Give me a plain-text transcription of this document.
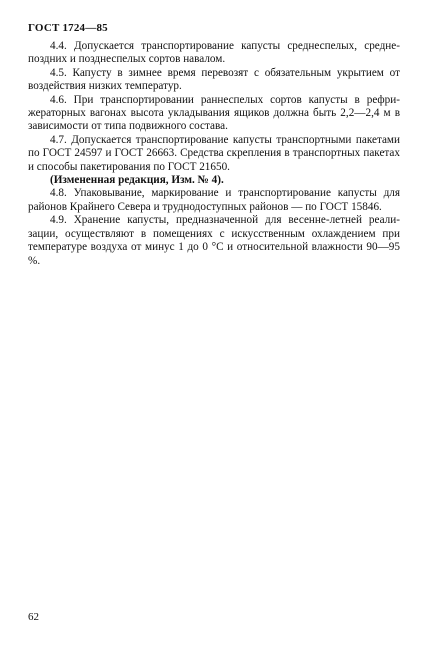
ГОСТ 1724—85

4.4. Допускается транспортирование капусты среднеспелых, среднепоздних и позднеспелых сортов навалом.

4.5. Капусту в зимнее время перевозят с обязательным укрытием от воздействия низких температур.

4.6. При транспортировании раннеспелых сортов капусты в рефрижераторных вагонах высота укладывания ящиков должна быть 2,2—2,4 м в зависимости от типа подвижного состава.

4.7. Допускается транспортирование капусты транспортными пакетами по ГОСТ 24597 и ГОСТ 26663. Средства скрепления в транспортных пакетах и способы пакетирования по ГОСТ 21650.

(Измененная редакция, Изм. № 4).

4.8. Упаковывание, маркирование и транспортирование капусты для районов Крайнего Севера и труднодоступных районов — по ГОСТ 15846.

4.9. Хранение капусты, предназначенной для весенне-летней реализации, осуществляют в помещениях с искусственным охлаждением при температуре воздуха от минус 1 до 0 °С и относительной влажности 90—95 %.

62
